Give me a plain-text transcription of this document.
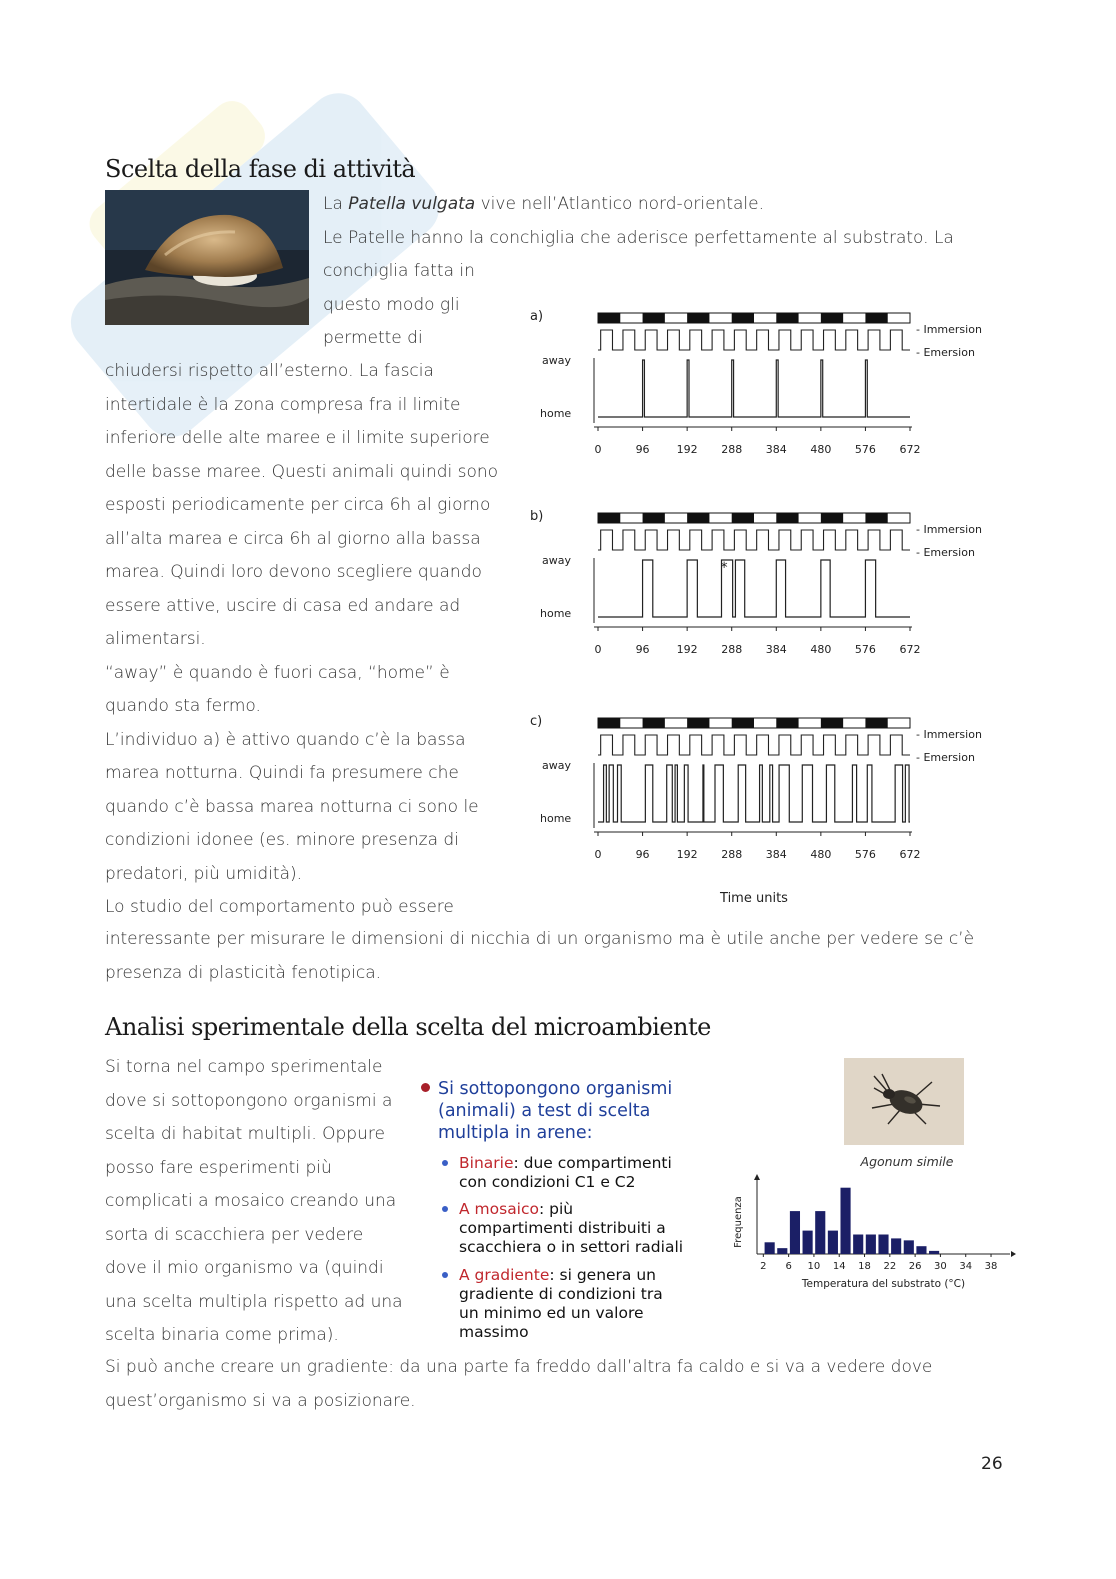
Scelta della fase di attività

La Patella vulgata vive nell’Atlantico nord-orientale.

Le Patelle hanno la conchiglia che aderisce perfettamente al substrato. La

conchiglia fatta in

questo modo gli

permette di

chiudersi rispetto all’esterno. La fascia

intertidale è la zona compresa fra il limite

inferiore delle alte maree e il limite superiore

delle basse maree. Questi animali quindi sono

esposti periodicamente per circa 6h al giorno

all’alta marea e circa 6h al giorno alla bassa

marea. Quindi loro devono scegliere quando

essere attive, uscire di casa ed andare ad

alimentarsi.

“away” è quando è fuori casa, “home” è

quando sta fermo.

L’individuo a) è attivo quando c’è la bassa

marea notturna. Quindi fa presumere che

quando c’è bassa marea notturna ci sono le

condizioni idonee (es. minore presenza di

predatori, più umidità).

Lo studio del comportamento può essere

interessante per misurare le dimensioni di nicchia di un organismo ma è utile anche per vedere se c’è

presenza di plasticità fenotipica.

a)
- Immersion
- Emersion
away
home
0	96 192 288 384 480 576 672
b)
- Immersion
- Emersion
away
home
*
0	96 192 288 384 480 576 672
c)
- Immersion
- Emersion
away
home
0	96 192 288 384 480 576 672
Time units
Analisi sperimentale della scelta del microambiente

Si torna nel campo sperimentale

dove si sottopongono organismi a

scelta di habitat multipli. Oppure

posso fare esperimenti più

complicati a mosaico creando una

sorta di scacchiera per vedere

dove il mio organismo va (quindi

una scelta multipla rispetto ad una

scelta binaria come prima).

Si sottopongono organismi
(animali) a test di scelta
multipla in arene:
Binarie: due compartimenti
con condizioni C1 e C2
A mosaico: più
compartimenti distribuiti a
scacchiera o in settori radiali
A gradiente: si genera un
gradiente di condizioni tra
un minimo ed un valore
massimo
Agonum simile
2 6 10 14 18 22 26 30 34 38
Temperatura del substrato (°C)
Frequenza

Si può anche creare un gradiente: da una parte fa freddo dall’altra fa caldo e si va a vedere dove

quest’organismo si va a posizionare.

26
